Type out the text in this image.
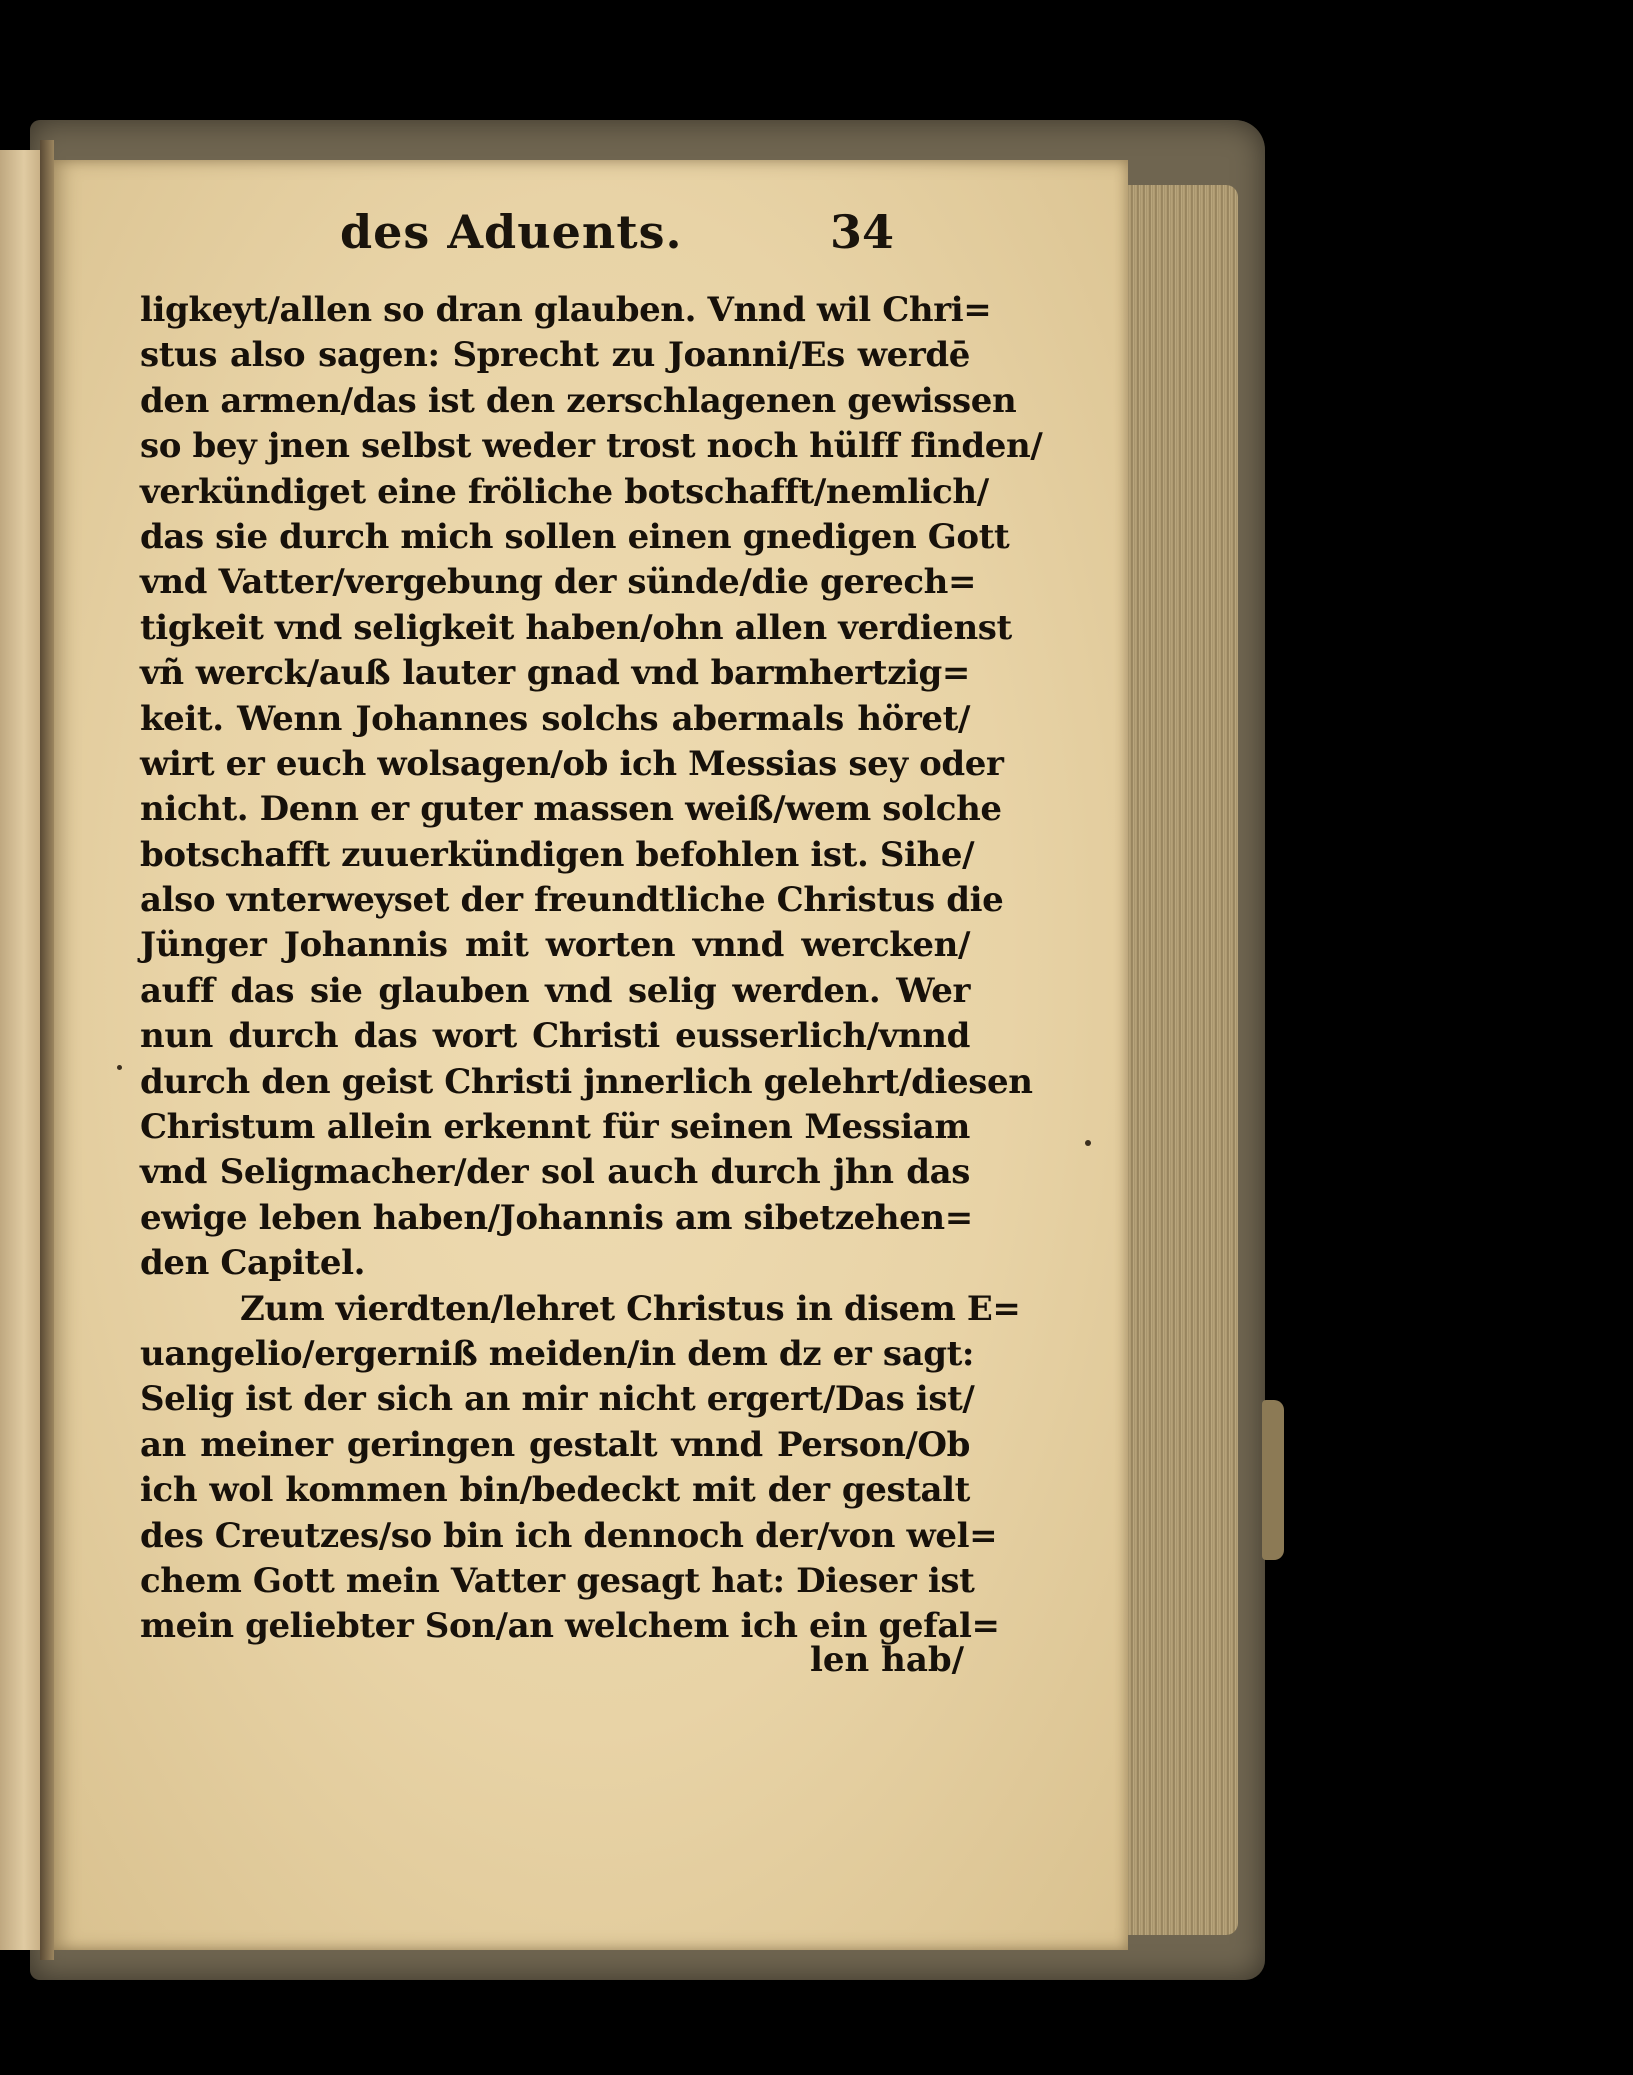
des Aduents.	34
ligkeyt/allen so dran glauben. Vnnd wil Chri=
stus also sagen: Sprecht zu Joanni/Es werdē
den armen/das ist den zerschlagenen gewissen
so bey jnen selbst weder trost noch hülff finden/
verkündiget eine fröliche botschafft/nemlich/
das sie durch mich sollen einen gnedigen Gott
vnd Vatter/vergebung der sünde/die gerech=
tigkeit vnd seligkeit haben/ohn allen verdienst
vñ werck/auß lauter gnad vnd barmhertzig=
keit. Wenn Johannes solchs abermals höret/
wirt er euch wolsagen/ob ich Messias sey oder
nicht. Denn er guter massen weiß/wem solche
botschafft zuuerkündigen befohlen ist. Sihe/
also vnterweyset der freundtliche Christus die
Jünger Johannis mit worten vnnd wercken/
auff das sie glauben vnd selig werden. Wer
nun durch das wort Christi eusserlich/vnnd
durch den geist Christi jnnerlich gelehrt/diesen
Christum allein erkennt für seinen Messiam
vnd Seligmacher/der sol auch durch jhn das
ewige leben haben/Johannis am sibetzehen=
den Capitel.
Zum vierdten/lehret Christus in disem E=
uangelio/ergerniß meiden/in dem dz er sagt:
Selig ist der sich an mir nicht ergert/Das ist/
an meiner geringen gestalt vnnd Person/Ob
ich wol kommen bin/bedeckt mit der gestalt
des Creutzes/so bin ich dennoch der/von wel=
chem Gott mein Vatter gesagt hat: Dieser ist
mein geliebter Son/an welchem ich ein gefal=
len hab/
